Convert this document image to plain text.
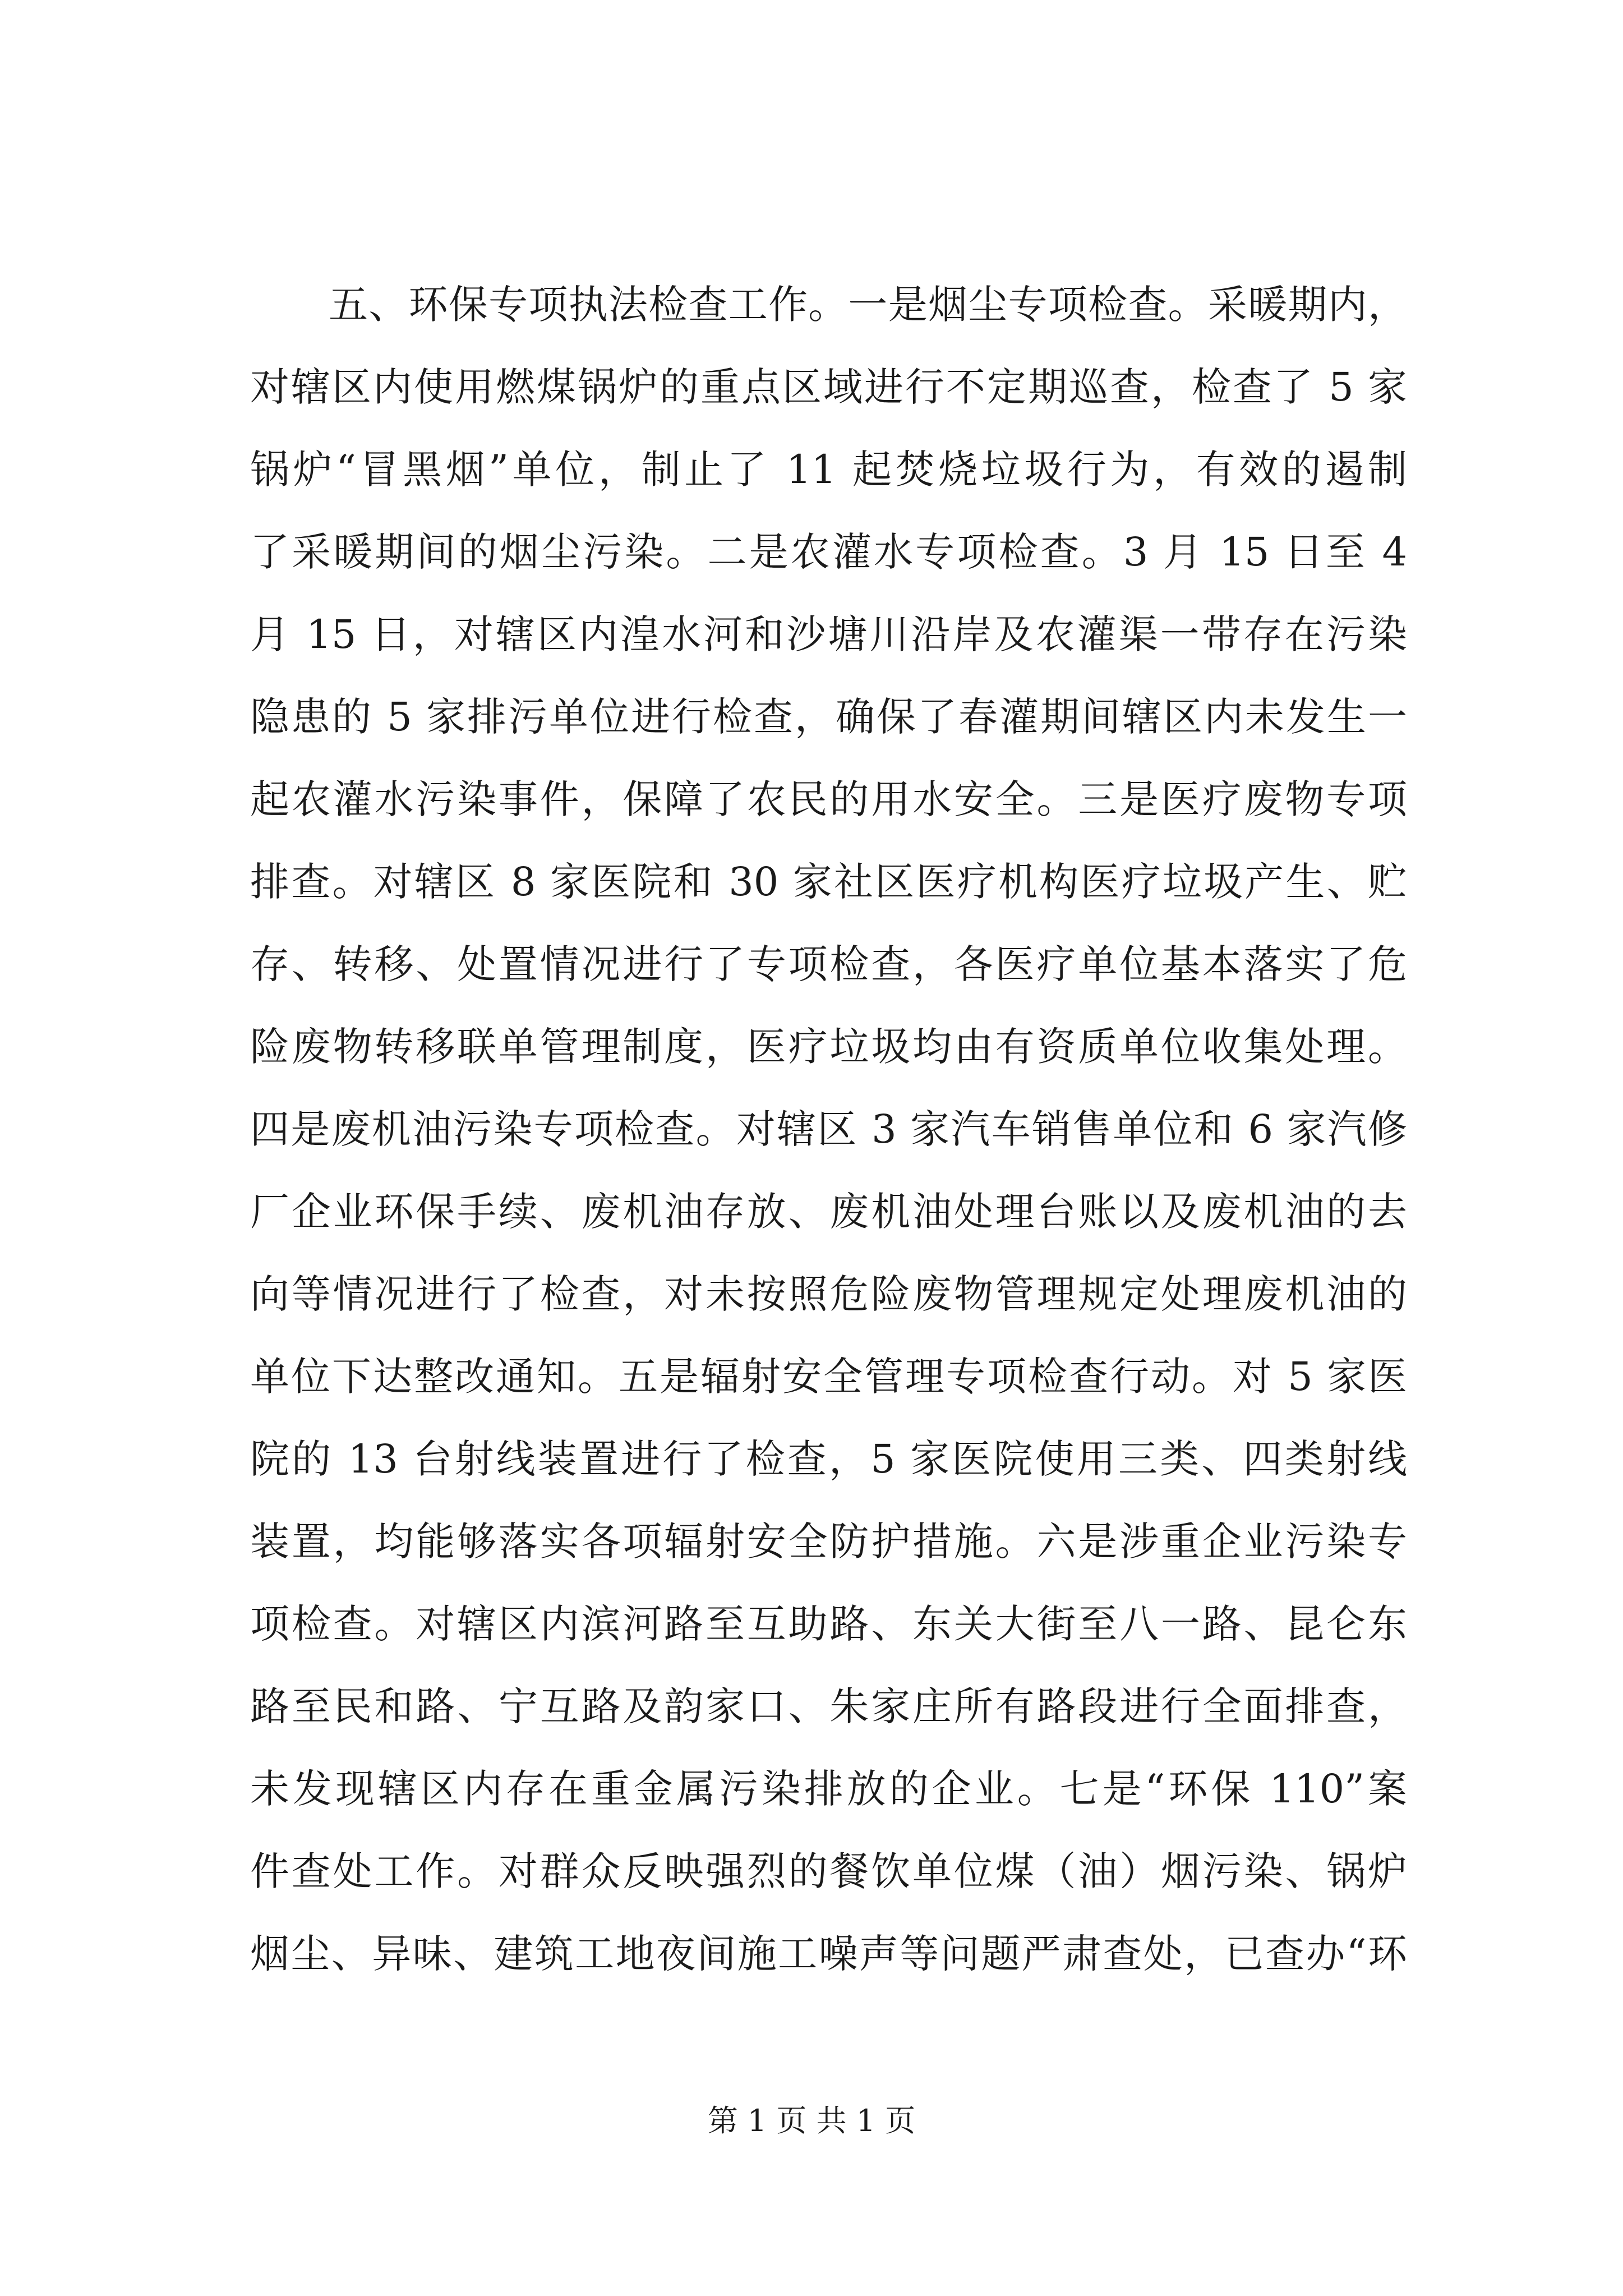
五、环保专项执法检查工作。一是烟尘专项检查。采暖期内，
对辖区内使用燃煤锅炉的重点区域进行不定期巡查，检查了 5 家
锅炉“冒黑烟”单位，制止了 11 起焚烧垃圾行为，有效的遏制
了采暖期间的烟尘污染。二是农灌水专项检查。3 月 15 日至 4
月 15 日，对辖区内湟水河和沙塘川沿岸及农灌渠一带存在污染
隐患的 5 家排污单位进行检查，确保了春灌期间辖区内未发生一
起农灌水污染事件，保障了农民的用水安全。三是医疗废物专项
排查。对辖区 8 家医院和 30 家社区医疗机构医疗垃圾产生、贮
存、转移、处置情况进行了专项检查，各医疗单位基本落实了危
险废物转移联单管理制度，医疗垃圾均由有资质单位收集处理。
四是废机油污染专项检查。对辖区 3 家汽车销售单位和 6 家汽修
厂企业环保手续、废机油存放、废机油处理台账以及废机油的去
向等情况进行了检查，对未按照危险废物管理规定处理废机油的
单位下达整改通知。五是辐射安全管理专项检查行动。对 5 家医
院的 13 台射线装置进行了检查，5 家医院使用三类、四类射线
装置，均能够落实各项辐射安全防护措施。六是涉重企业污染专
项检查。对辖区内滨河路至互助路、东关大街至八一路、昆仑东
路至民和路、宁互路及韵家口、朱家庄所有路段进行全面排查，
未发现辖区内存在重金属污染排放的企业。七是“环保 110”案
件查处工作。对群众反映强烈的餐饮单位煤（油）烟污染、锅炉
烟尘、异味、建筑工地夜间施工噪声等问题严肃查处，已查办“环
第 1 页 共 1 页
